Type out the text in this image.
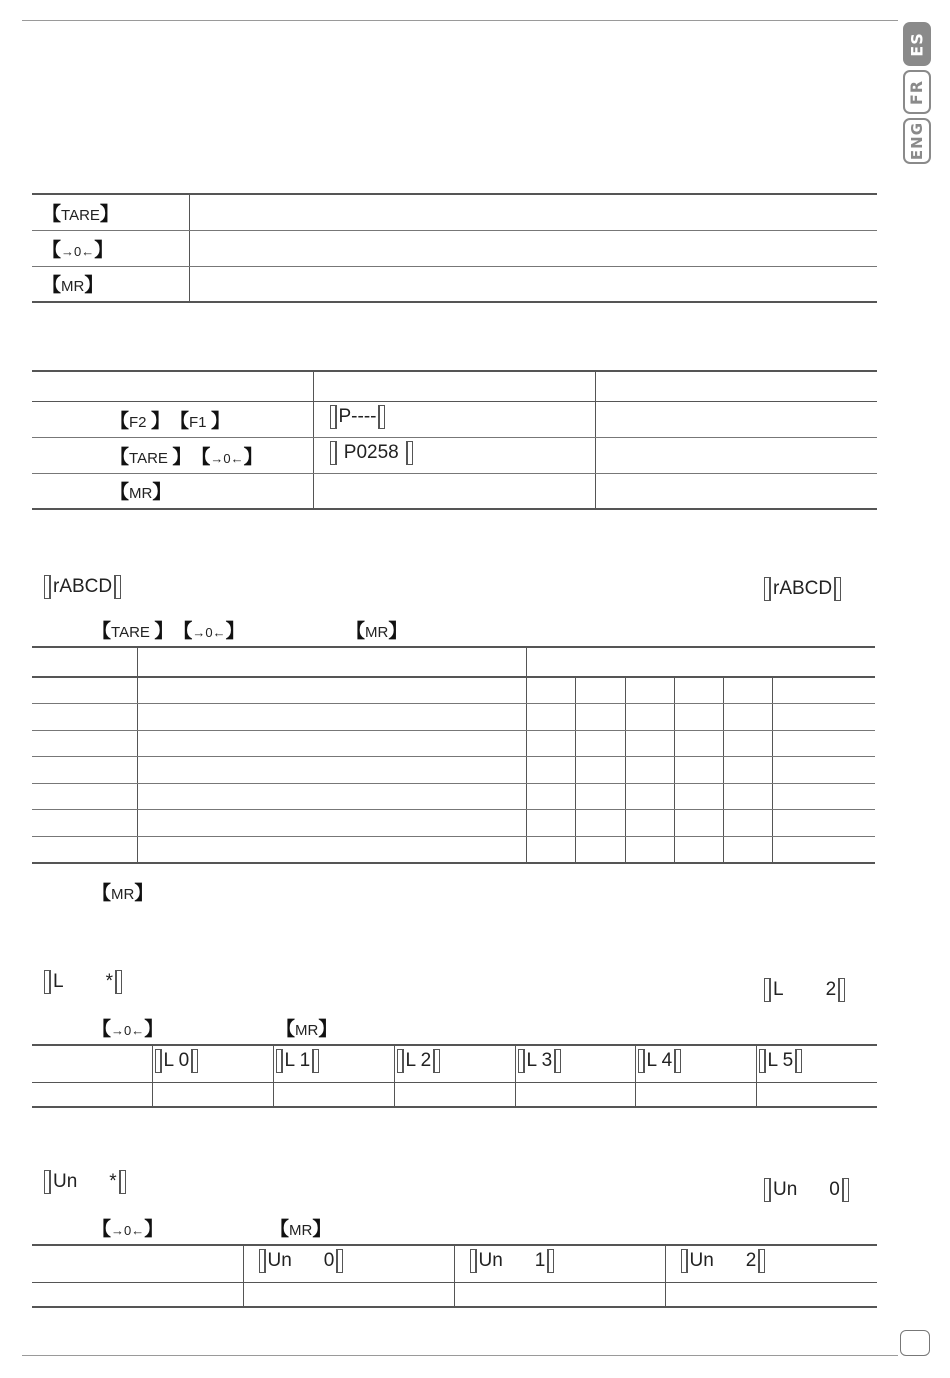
ES
FR
ENG
【TARE】	
【→0←】	
【MR】	

【F2 】【F1 】	P----	

【TARE 】【→0←】	P0258	

【MR】		
rABCD	rABCD
【TARE 】【→0←】	【MR】

【MR】
L *	L 2
【→0←】	【MR】

	L 0	L 1	L 2	L 3	L 4	L 5

Un *	Un 0
【→0←】	【MR】

	Un 0	Un 1	Un 2
